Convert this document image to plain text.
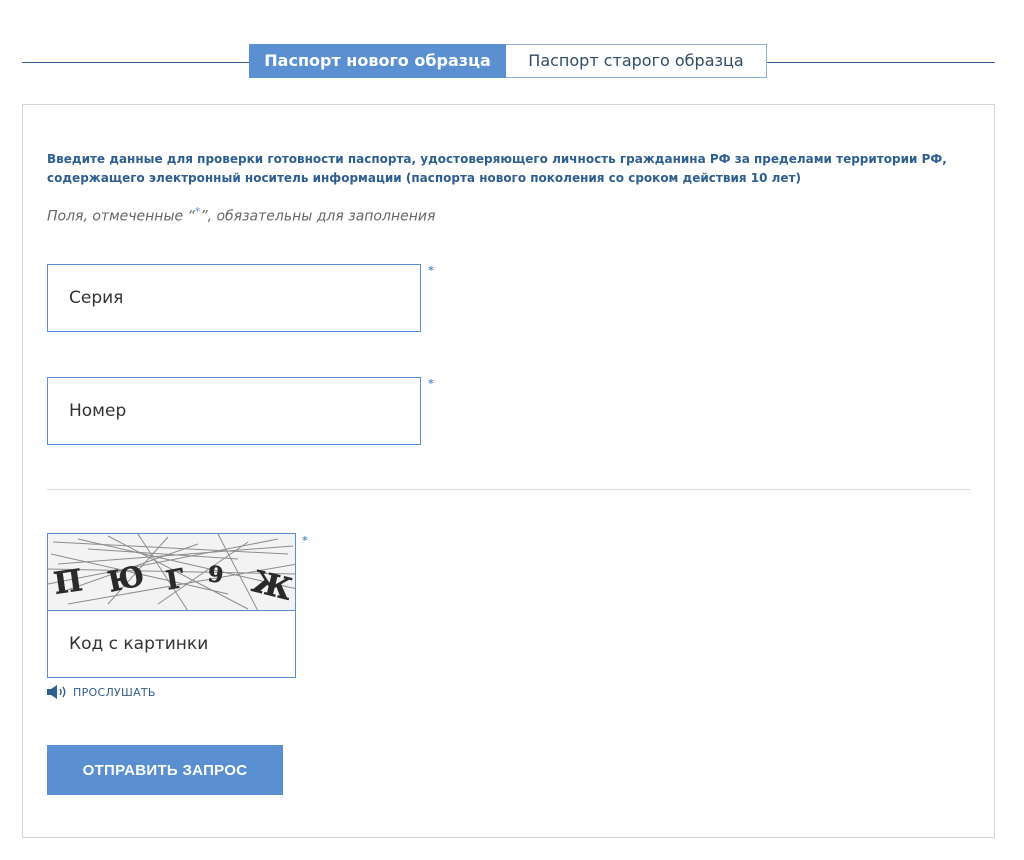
Паспорт нового образца	Паспорт старого образца

Введите данные для проверки готовности паспорта, удостоверяющего личность гражданина РФ за пределами территории РФ, содержащего электронный носитель информации (паспорта нового поколения со сроком действия 10 лет)

Поля, отмеченные “*”, обязательны для заполнения

Серия
*
Номер
*
П Ю Г 9 Ж
*
Код с картинки
ПРОСЛУШАТЬ
ОТПРАВИТЬ ЗАПРОС
